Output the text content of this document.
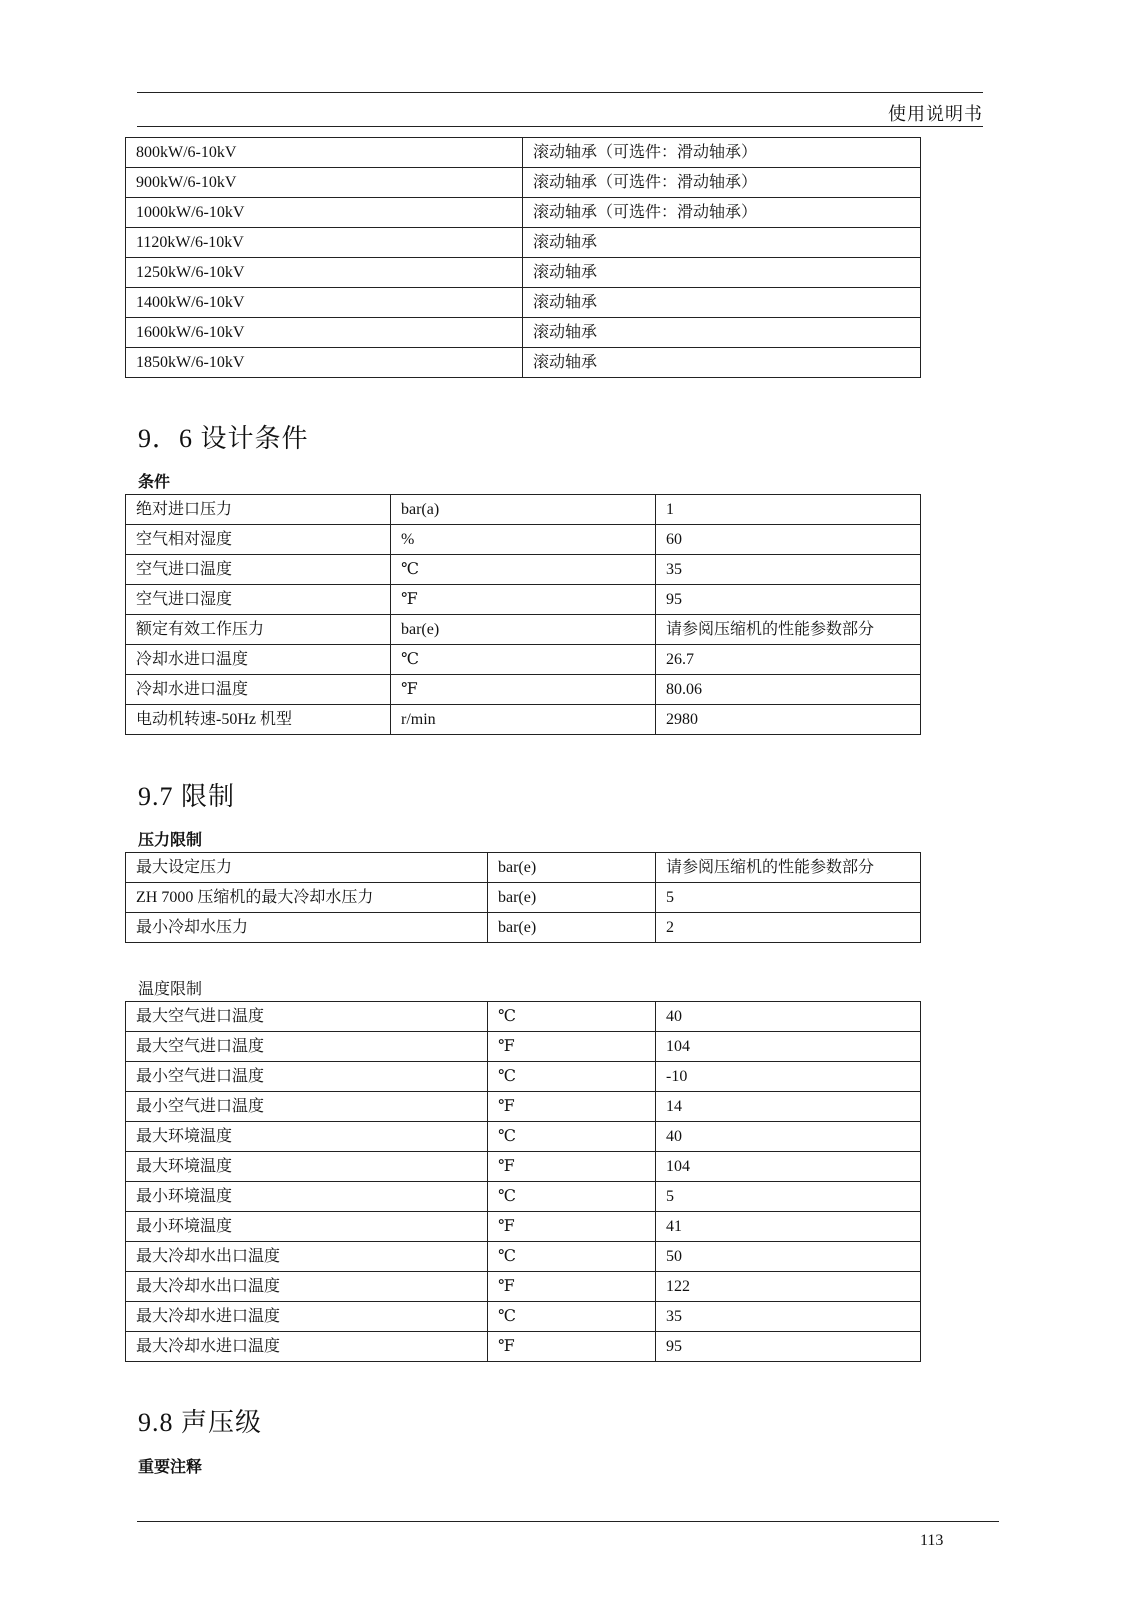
使用说明书
800kW/6-10kV	滚动轴承（可选件：滑动轴承）
900kW/6-10kV	滚动轴承（可选件：滑动轴承）
1000kW/6-10kV	滚动轴承（可选件：滑动轴承）
1120kW/6-10kV	滚动轴承
1250kW/6-10kV	滚动轴承
1400kW/6-10kV	滚动轴承
1600kW/6-10kV	滚动轴承
1850kW/6-10kV	滚动轴承
9．6 设计条件
条件
绝对进口压力	bar(a)	1
空气相对湿度	%	60
空气进口温度	℃	35
空气进口湿度	℉	95
额定有效工作压力	bar(e)	请参阅压缩机的性能参数部分
冷却水进口温度	℃	26.7
冷却水进口温度	℉	80.06
电动机转速-50Hz 机型	r/min	2980
9.7 限制
压力限制
最大设定压力	bar(e)	请参阅压缩机的性能参数部分
ZH 7000 压缩机的最大冷却水压力	bar(e)	5
最小冷却水压力	bar(e)	2
温度限制
最大空气进口温度	℃	40
最大空气进口温度	℉	104
最小空气进口温度	℃	-10
最小空气进口温度	℉	14
最大环境温度	℃	40
最大环境温度	℉	104
最小环境温度	℃	5
最小环境温度	℉	41
最大冷却水出口温度	℃	50
最大冷却水出口温度	℉	122
最大冷却水进口温度	℃	35
最大冷却水进口温度	℉	95
9.8 声压级
重要注释
113
